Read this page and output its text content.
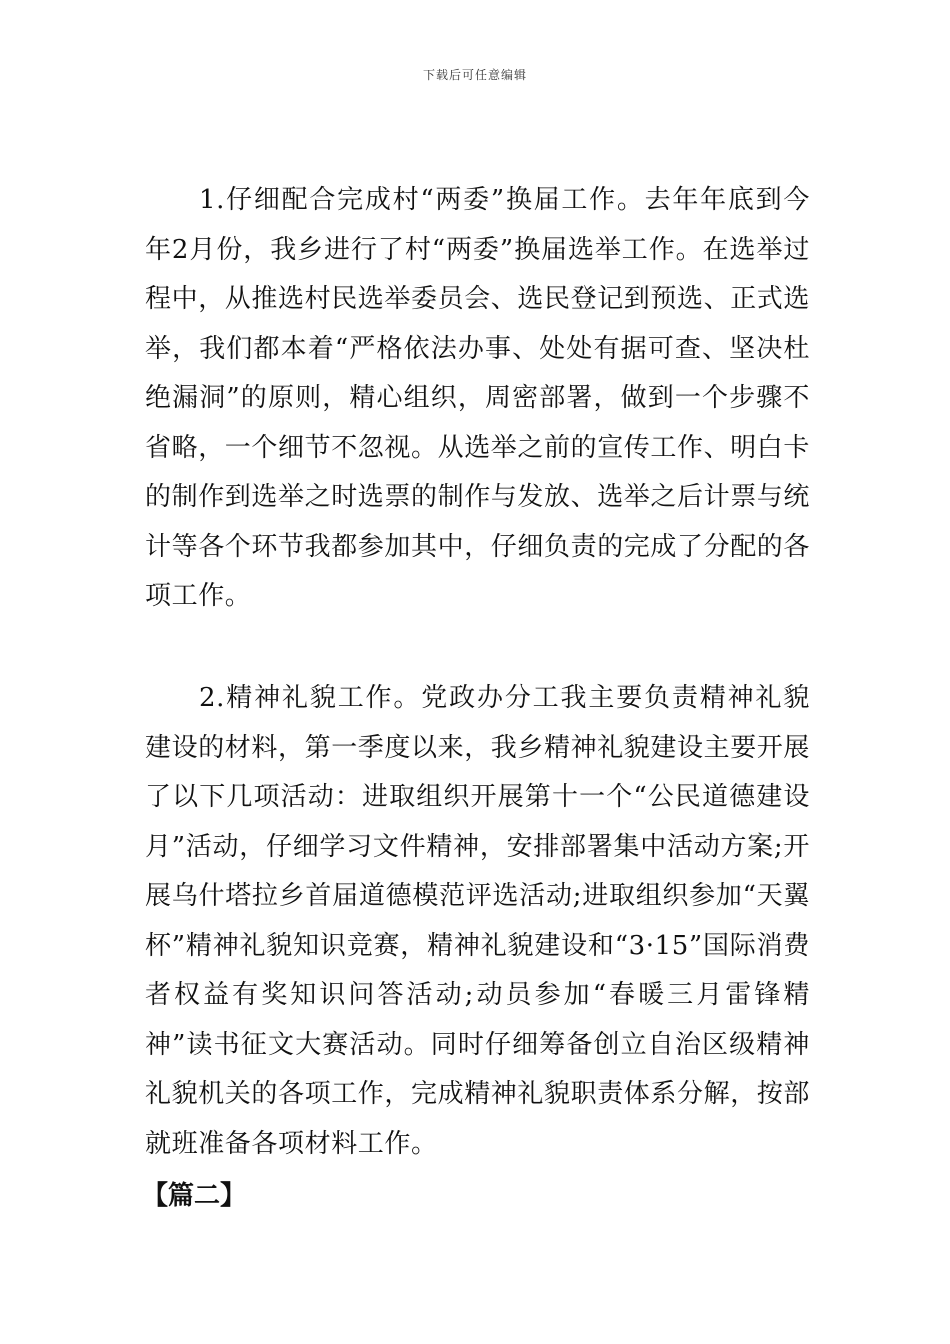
下载后可任意编辑

1.仔细配合完成村“两委”换届工作。去年年底到今年2月份，我乡进行了村“两委”换届选举工作。在选举过程中，从推选村民选举委员会、选民登记到预选、正式选举，我们都本着“严格依法办事、处处有据可查、坚决杜绝漏洞”的原则，精心组织，周密部署，做到一个步骤不省略，一个细节不忽视。从选举之前的宣传工作、明白卡的制作到选举之时选票的制作与发放、选举之后计票与统计等各个环节我都参加其中，仔细负责的完成了分配的各项工作。

2.精神礼貌工作。党政办分工我主要负责精神礼貌建设的材料，第一季度以来，我乡精神礼貌建设主要开展了以下几项活动：进取组织开展第十一个“公民道德建设月”活动，仔细学习文件精神，安排部署集中活动方案;开展乌什塔拉乡首届道德模范评选活动;进取组织参加“天翼杯”精神礼貌知识竞赛，精神礼貌建设和“3·15”国际消费者权益有奖知识问答活动;动员参加“春暖三月雷锋精神”读书征文大赛活动。同时仔细筹备创立自治区级精神礼貌机关的各项工作，完成精神礼貌职责体系分解，按部就班准备各项材料工作。

【篇二】
